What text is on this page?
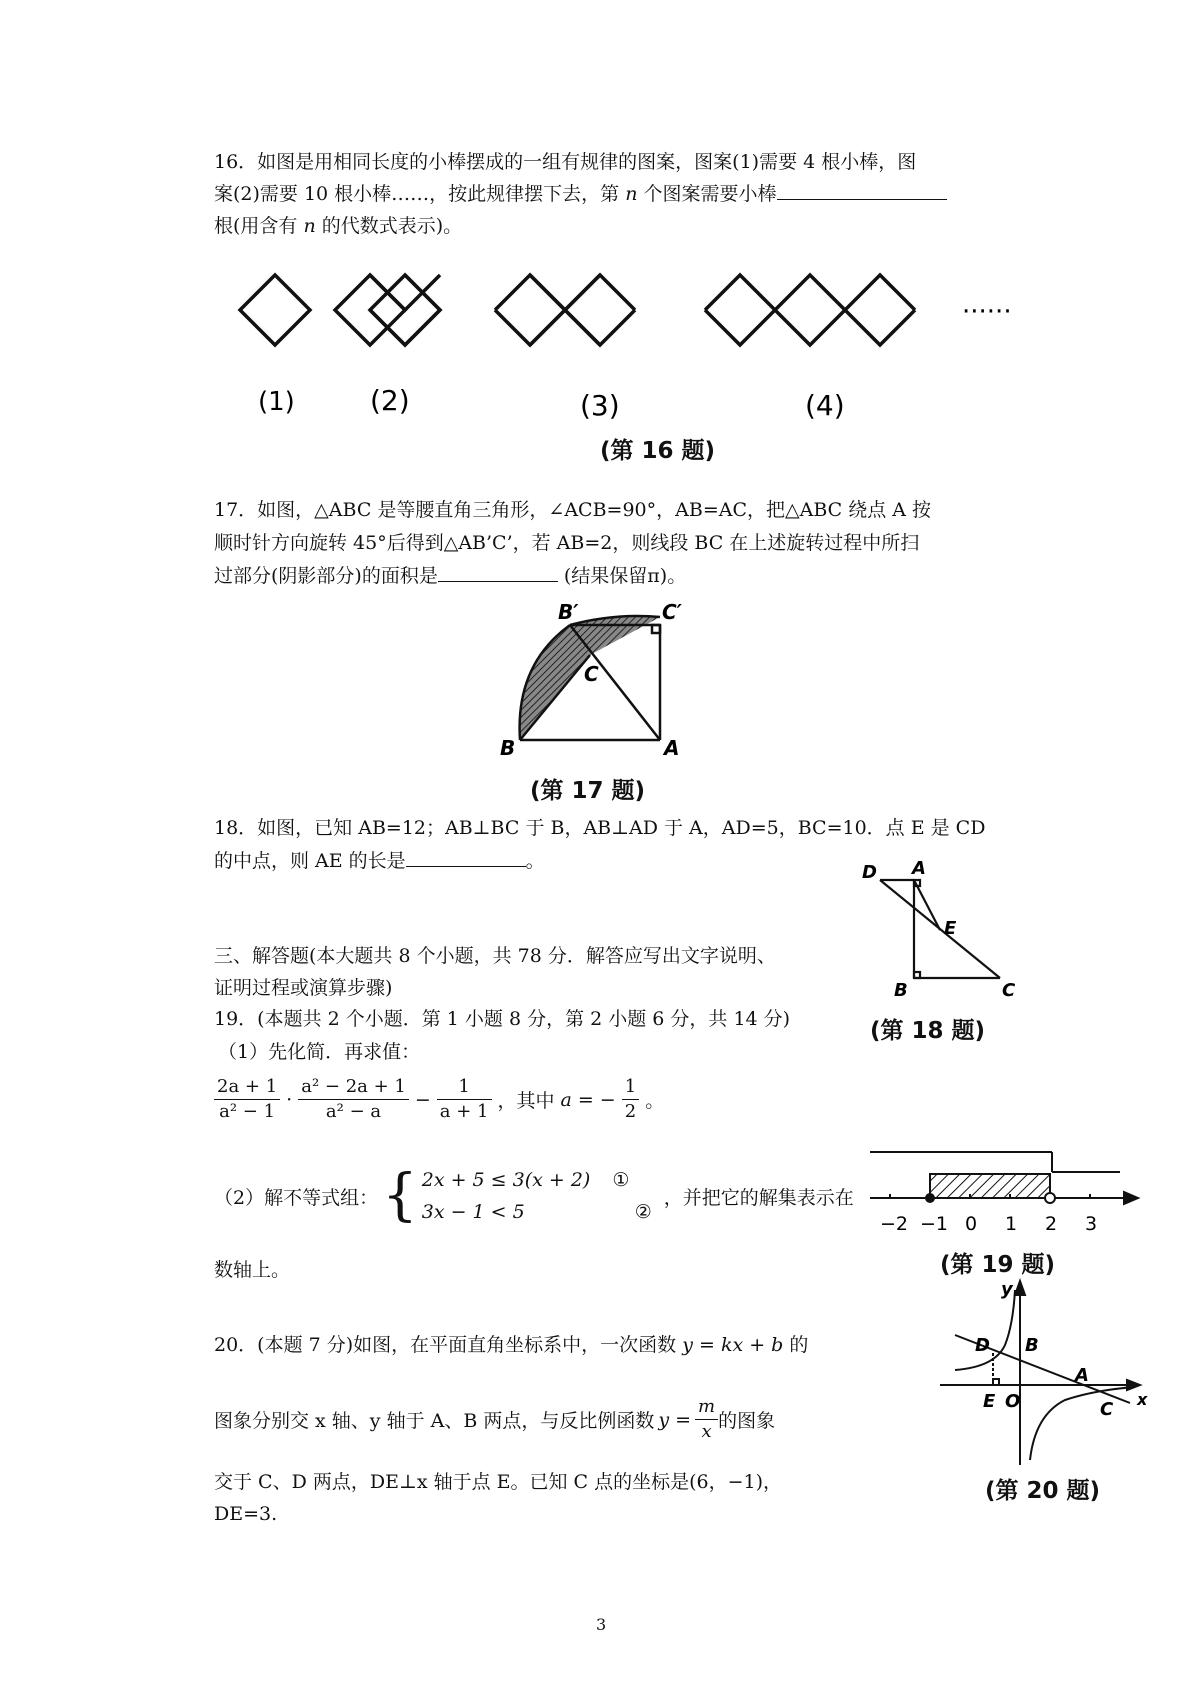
16．如图是用相同长度的小棒摆成的一组有规律的图案，图案(1)需要 4 根小棒，图
案(2)需要 10 根小棒……，按此规律摆下去，第 n 个图案需要小棒
根(用含有 n 的代数式表示)。
······
(1)	(2)	(3)	(4)
(第 16 题)
17．如图，△ABC 是等腰直角三角形，∠ACB=90°，AB=AC，把△ABC 绕点 A 按
顺时针方向旋转 45°后得到△AB’C’，若 AB=2，则线段 BC 在上述旋转过程中所扫
过部分(阴影部分)的面积是	(结果保留π)。
B′	C′
C
B	A
(第 17 题)
18．如图，已知 AB=12；AB⊥BC 于 B，AB⊥AD 于 A，AD=5，BC=10．点 E 是 CD
的中点，则 AE 的长是	。
D A
E
B	C
(第 18 题)
三、解答题(本大题共 8 个小题，共 78 分．解答应写出文字说明、
证明过程或演算步骤)
19．(本题共 2 个小题．第 1 小题 8 分，第 2 小题 6 分，共 14 分)
（1）先化简．再求值：
$\frac{2a + 1}{\text{a² − 1}} \cdot \frac{\text{a² − 2a + 1}}{\text{a² − a}} - \frac{1}{a + 1}$ ，其中 a = − $\frac{1}{2}$ 。
（2）解不等式组： { 2x + 5 ≤ 3(x + 2) ①
3x − 1 < 5	②
，并把它的解集表示在
数轴上。
−2 −1 0 1 2 3
(第 19 题)
20．(本题 7 分)如图，在平面直角坐标系中，一次函数 y = kx + b 的
图象分别交 x 轴、y 轴于 A、B 两点，与反比例函数 $y = \frac{m}{x}$ 的图象
交于 C、D 两点，DE⊥x 轴于点 E。已知 C 点的坐标是(6，−1)，
DE=3.
y
x
D B
A
E O	C
(第 20 题)
3
